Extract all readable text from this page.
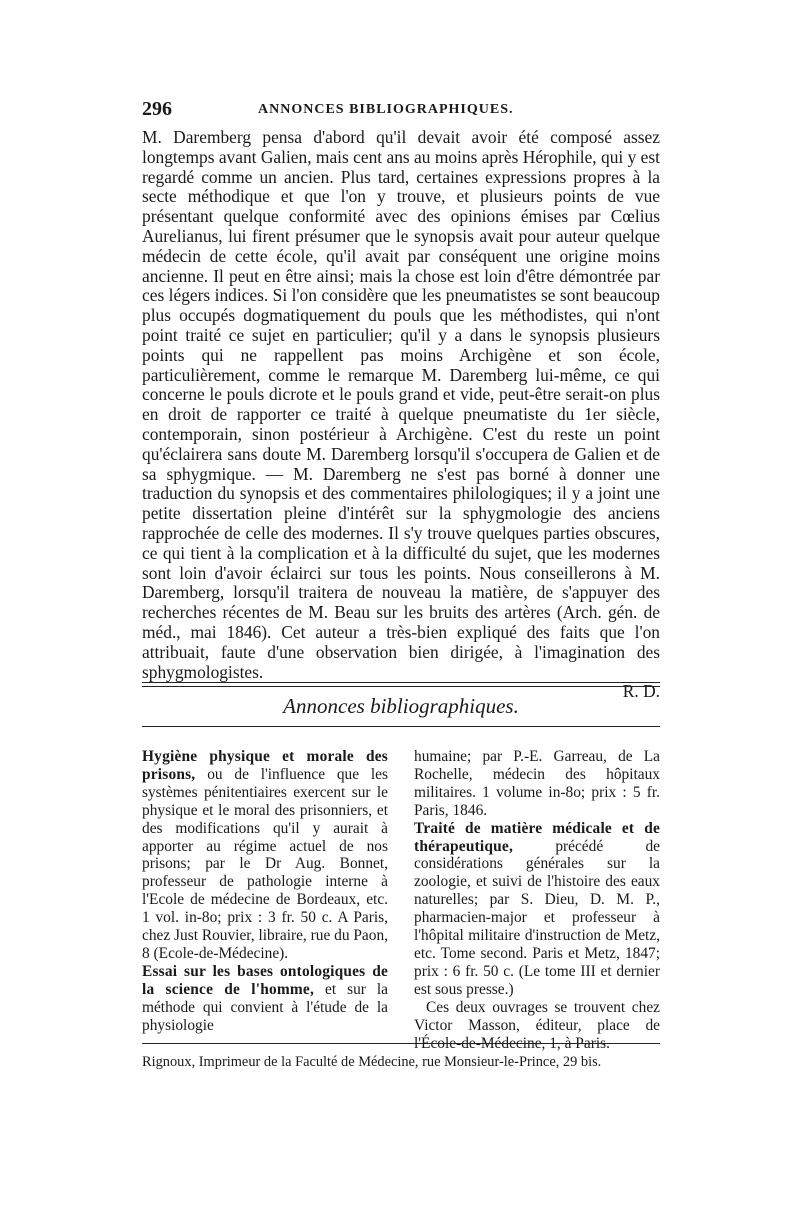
296	ANNONCES BIBLIOGRAPHIQUES.

M. Daremberg pensa d'abord qu'il devait avoir été composé assez longtemps avant Galien, mais cent ans au moins après Hérophile, qui y est regardé comme un ancien. Plus tard, certaines expressions propres à la secte méthodique et que l'on y trouve, et plusieurs points de vue présentant quelque conformité avec des opinions émises par Cœlius Aurelianus, lui firent présumer que le synopsis avait pour auteur quelque médecin de cette école, qu'il avait par conséquent une origine moins ancienne. Il peut en être ainsi; mais la chose est loin d'être démontrée par ces légers indices. Si l'on considère que les pneumatistes se sont beaucoup plus occupés dogmatiquement du pouls que les méthodistes, qui n'ont point traité ce sujet en particulier; qu'il y a dans le synopsis plusieurs points qui ne rappellent pas moins Archigène et son école, particulièrement, comme le remarque M. Daremberg lui-même, ce qui concerne le pouls dicrote et le pouls grand et vide, peut-être serait-on plus en droit de rapporter ce traité à quelque pneumatiste du 1er siècle, contemporain, sinon postérieur à Archigène. C'est du reste un point qu'éclairera sans doute M. Daremberg lorsqu'il s'occupera de Galien et de sa sphygmique. — M. Daremberg ne s'est pas borné à donner une traduction du synopsis et des commentaires philologiques; il y a joint une petite dissertation pleine d'intérêt sur la sphygmologie des anciens rapprochée de celle des modernes. Il s'y trouve quelques parties obscures, ce qui tient à la complication et à la difficulté du sujet, que les modernes sont loin d'avoir éclairci sur tous les points. Nous conseillerons à M. Daremberg, lorsqu'il traitera de nouveau la matière, de s'appuyer des recherches récentes de M. Beau sur les bruits des artères (Arch. gén. de méd., mai 1846). Cet auteur a très-bien expliqué des faits que l'on attribuait, faute d'une observation bien dirigée, à l'imagination des sphygmologistes.

R. D.

Annonces bibliographiques.

Hygiène physique et morale des prisons, ou de l'influence que les systèmes pénitentiaires exercent sur le physique et le moral des prisonniers, et des modifications qu'il y aurait à apporter au régime actuel de nos prisons; par le Dr Aug. Bonnet, professeur de pathologie interne à l'Ecole de médecine de Bordeaux, etc. 1 vol. in-8o; prix : 3 fr. 50 c. A Paris, chez Just Rouvier, libraire, rue du Paon, 8 (Ecole-de-Médecine).

Essai sur les bases ontologiques de la science de l'homme, et sur la méthode qui convient à l'étude de la physiologie

humaine; par P.-E. Garreau, de La Rochelle, médecin des hôpitaux militaires. 1 volume in-8o; prix : 5 fr. Paris, 1846.

Traité de matière médicale et de thérapeutique,	précédé de considérations générales sur la zoologie, et suivi de l'histoire des eaux naturelles; par S. Dieu, D. M. P., pharmacien-major et professeur à l'hôpital militaire d'instruction de Metz, etc. Tome second. Paris et Metz, 1847; prix : 6 fr. 50 c. (Le tome III et dernier est sous presse.)

Ces deux ouvrages se trouvent chez Victor Masson, éditeur, place de l'École-de-Médecine, 1, à Paris.

Rignoux, Imprimeur de la Faculté de Médecine, rue Monsieur-le-Prince, 29 bis.
